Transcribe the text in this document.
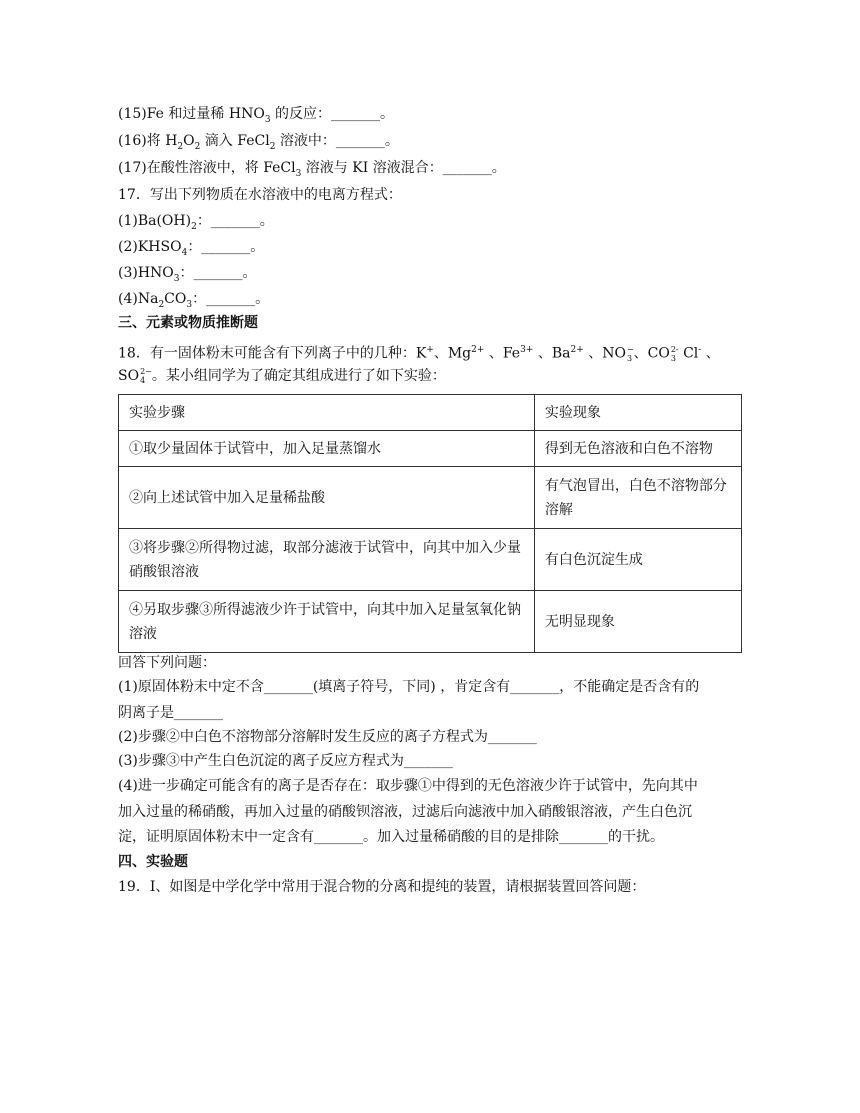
(15)Fe 和过量稀 $HNO_3$ 的反应：_______。
(16)将 $H_2O_2$ 滴入 FeCl$_2$ 溶液中：_______。
(17)在酸性溶液中，将 FeCl$_3$ 溶液与 KI 溶液混合：_______。
17．写出下列物质在水溶液中的电离方程式：
$(1)Ba(OH)_2$：_______。
$(2)KHSO_4$：_______。
$(3)HNO_3$：_______。
$(4)Na_2CO_3$：_______。
三、元素或物质推断题
18．有一固体粉末可能含有下列离子中的几种：K+、$Mg^{2+}$ 、$Fe^{3+}$ 、$Ba^{2+}$ 、NO −
3 、CO 2-
3 Cl- 、
SO 2−
4 。某小组同学为了确定其组成进行了如下实验：
实验步骤	实验现象
①取少量固体于试管中，加入足量蒸馏水	得到无色溶液和白色不溶物
②向上述试管中加入足量稀盐酸	有气泡冒出，白色不溶物部分溶解
③将步骤②所得物过滤，取部分滤液于试管中，向其中加入少量硝酸银溶液	有白色沉淀生成
④另取步骤③所得滤液少许于试管中，向其中加入足量氢氧化钠溶液	无明显现象
回答下列问题：
(1)原固体粉末中定不含_______(填离子符号，下同) ，肯定含有_______，不能确定是否含有的
阴离子是_______
(2)步骤②中白色不溶物部分溶解时发生反应的离子方程式为_______
(3)步骤③中产生白色沉淀的离子反应方程式为_______
(4)进一步确定可能含有的离子是否存在：取步骤①中得到的无色溶液少许于试管中，先向其中
加入过量的稀硝酸，再加入过量的硝酸钡溶液，过滤后向滤液中加入硝酸银溶液，产生白色沉
淀，证明原固体粉末中一定含有_______。加入过量稀硝酸的目的是排除_______的干扰。
四、实验题
19．I、如图是中学化学中常用于混合物的分离和提纯的装置，请根据装置回答问题：
